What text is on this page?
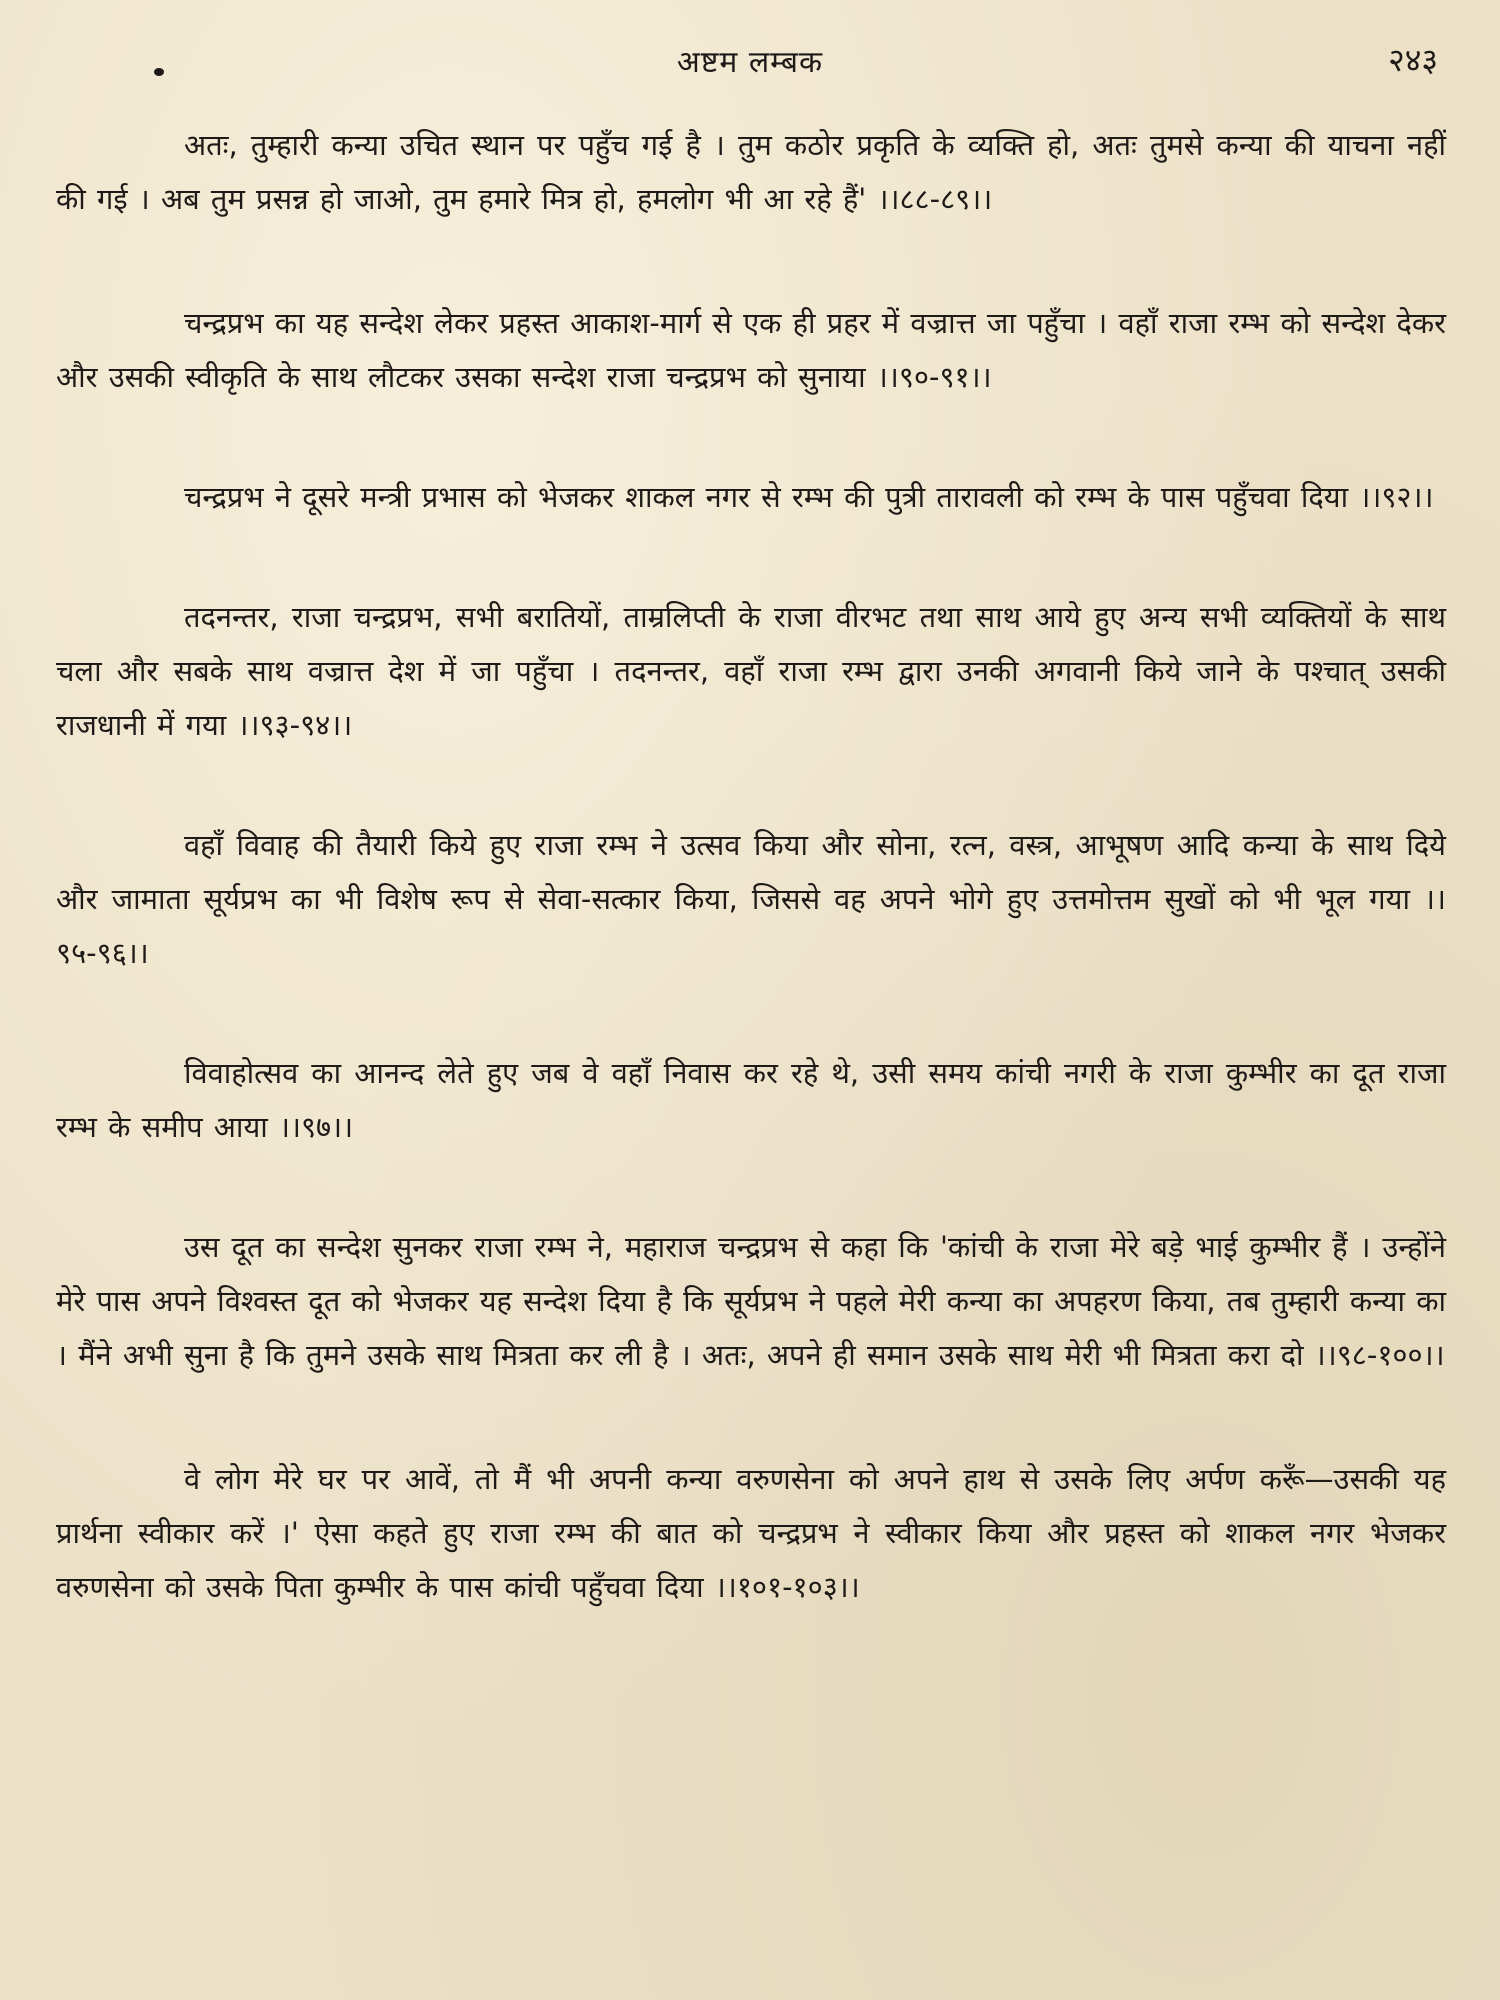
अष्टम लम्बक	२४३

अतः, तुम्हारी कन्या उचित स्थान पर पहुँच गई है । तुम कठोर प्रकृति के व्यक्ति हो, अतः तुमसे कन्या की याचना नहीं की गई । अब तुम प्रसन्न हो जाओ, तुम हमारे मित्र हो, हमलोग भी आ रहे हैं' ।।८८-८९।।

चन्द्रप्रभ का यह सन्देश लेकर प्रहस्त आकाश-मार्ग से एक ही प्रहर में वज्रात्त जा पहुँचा । वहाँ राजा रम्भ को सन्देश देकर और उसकी स्वीकृति के साथ लौटकर उसका सन्देश राजा चन्द्रप्रभ को सुनाया ।।९०-९१।।

चन्द्रप्रभ ने दूसरे मन्त्री प्रभास को भेजकर शाकल नगर से रम्भ की पुत्री तारावली को रम्भ के पास पहुँचवा दिया ।।९२।।

तदनन्तर, राजा चन्द्रप्रभ, सभी बरातियों, ताम्रलिप्ती के राजा वीरभट तथा साथ आये हुए अन्य सभी व्यक्तियों के साथ चला और सबके साथ वज्रात्त देश में जा पहुँचा । तदनन्तर, वहाँ राजा रम्भ द्वारा उनकी अगवानी किये जाने के पश्चात् उसकी राजधानी में गया ।।९३-९४।।

वहाँ विवाह की तैयारी किये हुए राजा रम्भ ने उत्सव किया और सोना, रत्न, वस्त्र, आभूषण आदि कन्या के साथ दिये और जामाता सूर्यप्रभ का भी विशेष रूप से सेवा-सत्कार किया, जिससे वह अपने भोगे हुए उत्तमोत्तम सुखों को भी भूल गया ।।९५-९६।।

विवाहोत्सव का आनन्द लेते हुए जब वे वहाँ निवास कर रहे थे, उसी समय कांची नगरी के राजा कुम्भीर का दूत राजा रम्भ के समीप आया ।।९७।।

उस दूत का सन्देश सुनकर राजा रम्भ ने, महाराज चन्द्रप्रभ से कहा कि 'कांची के राजा मेरे बड़े भाई कुम्भीर हैं । उन्होंने मेरे पास अपने विश्वस्त दूत को भेजकर यह सन्देश दिया है कि सूर्यप्रभ ने पहले मेरी कन्या का अपहरण किया, तब तुम्हारी कन्या का । मैंने अभी सुना है कि तुमने उसके साथ मित्रता कर ली है । अतः, अपने ही समान उसके साथ मेरी भी मित्रता करा दो ।।९८-१००।।

वे लोग मेरे घर पर आवें, तो मैं भी अपनी कन्या वरुणसेना को अपने हाथ से उसके लिए अर्पण करूँ—उसकी यह प्रार्थना स्वीकार करें ।' ऐसा कहते हुए राजा रम्भ की बात को चन्द्रप्रभ ने स्वीकार किया और प्रहस्त को शाकल नगर भेजकर वरुणसेना को उसके पिता कुम्भीर के पास कांची पहुँचवा दिया ।।१०१-१०३।।
